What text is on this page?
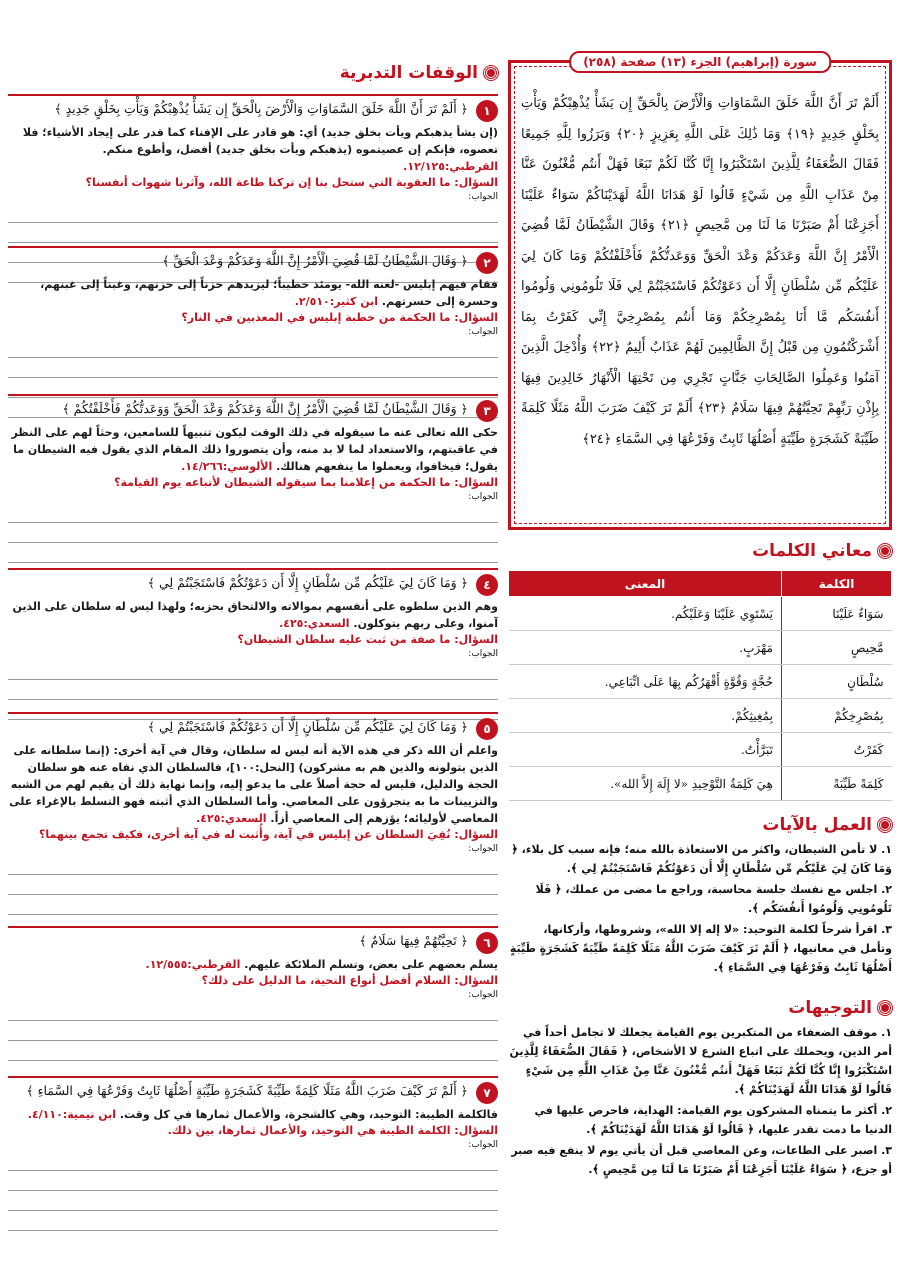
الوقفات التدبرية
١
﴿ أَلَمْ تَرَ أَنَّ اللَّهَ خَلَقَ السَّمَاوَاتِ وَالْأَرْضَ بِالْحَقِّ إِن يَشَأْ يُذْهِبْكُمْ وَيَأْتِ بِخَلْقٍ جَدِيدٍ ﴾
(إن يشأ يذهبكم ويأت بخلق جديد) أي: هو قادر على الإفناء كما قدر على إيجاد الأشياء؛ فلا تعصوه، فإنكم إن عصيتموه (يذهبكم ويأت بخلق جديد) أفضل، وأطوع منكم. القرطبي:١٢/١٢٥.
السؤال: ما العقوبة التي ستحل بنا إن تركنا طاعة الله، وآثرنا شهوات أنفسنا؟
الجواب:
٢
﴿ وَقَالَ الشَّيْطَانُ لَمَّا قُضِيَ الْأَمْرُ إِنَّ اللَّهَ وَعَدَكُمْ وَعْدَ الْحَقِّ ﴾
فقام فيهم إبليس -لعنه الله- يومئذ خطيباً؛ ليزيدهم حزناً إلى حزنهم، وغبناً إلى غبنهم، وحسرة إلى حسرتهم. ابن كثير:٢/٥١٠.
السؤال: ما الحكمة من خطبة إبليس في المعذبين في النار؟
الجواب:
٣
﴿ وَقَالَ الشَّيْطَانُ لَمَّا قُضِيَ الْأَمْرُ إِنَّ اللَّهَ وَعَدَكُمْ وَعْدَ الْحَقِّ وَوَعَدتُّكُمْ فَأَخْلَفْتُكُمْ ﴾
حكى الله تعالى عنه ما سيقوله في ذلك الوقت ليكون تنبيهاً للسامعين، وحثاً لهم على النظر في عاقبتهم، والاستعداد لما لا بد منه، وأن يتصوروا ذلك المقام الذي يقول فيه الشيطان ما يقول؛ فيخافوا، ويعملوا ما ينفعهم هنالك. الألوسي:١٤/٢٦٦.
السؤال: ما الحكمة من إعلامنا بما سيقوله الشيطان لأتباعه يوم القيامة؟
الجواب:
٤
﴿ وَمَا كَانَ لِيَ عَلَيْكُم مِّن سُلْطَانٍ إِلَّا أَن دَعَوْتُكُمْ فَاسْتَجَبْتُمْ لِي ﴾
وهم الذين سلطوه على أنفسهم بموالاته والالتحاق بحزبه؛ ولهذا ليس له سلطان على الذين آمنوا، وعلى ربهم يتوكلون. السعدي:٤٢٥.
السؤال: ما صفة من ثبت عليه سلطان الشيطان؟
الجواب:
٥
﴿ وَمَا كَانَ لِيَ عَلَيْكُم مِّن سُلْطَانٍ إِلَّا أَن دَعَوْتُكُمْ فَاسْتَجَبْتُمْ لِي ﴾
واعلم أن الله ذكر في هذه الآية أنه ليس له سلطان، وقال في آية أخرى: (إنما سلطانه على الذين يتولونه والذين هم به مشركون) [النحل:١٠٠]، فالسلطان الذي نفاه عنه هو سلطان الحجة والدليل، فليس له حجة أصلاً على ما يدعو إليه، وإنما نهاية ذلك أن يقيم لهم من الشبه والتزيينات ما به يتجرؤون على المعاصي. وأما السلطان الذي أثبته فهو التسلط بالإغراء على المعاصي لأوليائه؛ يؤزهم إلى المعاصي أزاً. السعدي:٤٢٥.
السؤال: نُفِيَ السلطان عن إبليس في آية، وأُثبت له في آية أخرى، فكيف تجمع بينهما؟
الجواب:
٦
﴿ تَحِيَّتُهُمْ فِيهَا سَلَامٌ ﴾
يسلم بعضهم على بعض، وتسلم الملائكة عليهم. القرطبي:١٢/٥٥٥.
السؤال: السلام أفضل أنواع التحية، ما الدليل على ذلك؟
الجواب:
٧
﴿ أَلَمْ تَرَ كَيْفَ ضَرَبَ اللَّهُ مَثَلًا كَلِمَةً طَيِّبَةً كَشَجَرَةٍ طَيِّبَةٍ أَصْلُهَا ثَابِتٌ وَفَرْعُهَا فِي السَّمَاءِ ﴾
فالكلمة الطيبة: التوحيد، وهي كالشجرة، والأعمال ثمارها في كل وقت. ابن تيمية:٤/١١٠.
السؤال: الكلمة الطيبة هي التوحيد، والأعمال ثمارها، بين ذلك.
الجواب:
سورة (إبراهيم) الجزء (١٣) صفحة (٢٥٨)
أَلَمْ تَرَ أَنَّ اللَّهَ خَلَقَ السَّمَاوَاتِ وَالْأَرْضَ بِالْحَقِّ إِن يَشَأْ يُذْهِبْكُمْ وَيَأْتِ بِخَلْقٍ جَدِيدٍ ﴿١٩﴾ وَمَا ذَٰلِكَ عَلَى اللَّهِ بِعَزِيزٍ ﴿٢٠﴾ وَبَرَزُوا لِلَّهِ جَمِيعًا فَقَالَ الضُّعَفَاءُ لِلَّذِينَ اسْتَكْبَرُوا إِنَّا كُنَّا لَكُمْ تَبَعًا فَهَلْ أَنتُم مُّغْنُونَ عَنَّا مِنْ عَذَابِ اللَّهِ مِن شَيْءٍ قَالُوا لَوْ هَدَانَا اللَّهُ لَهَدَيْنَاكُمْ سَوَاءٌ عَلَيْنَا أَجَزِعْنَا أَمْ صَبَرْنَا مَا لَنَا مِن مَّحِيصٍ ﴿٢١﴾ وَقَالَ الشَّيْطَانُ لَمَّا قُضِيَ الْأَمْرُ إِنَّ اللَّهَ وَعَدَكُمْ وَعْدَ الْحَقِّ وَوَعَدتُّكُمْ فَأَخْلَفْتُكُمْ وَمَا كَانَ لِيَ عَلَيْكُم مِّن سُلْطَانٍ إِلَّا أَن دَعَوْتُكُمْ فَاسْتَجَبْتُمْ لِي فَلَا تَلُومُونِي وَلُومُوا أَنفُسَكُم مَّا أَنَا بِمُصْرِخِكُمْ وَمَا أَنتُم بِمُصْرِخِيَّ إِنِّي كَفَرْتُ بِمَا أَشْرَكْتُمُونِ مِن قَبْلُ إِنَّ الظَّالِمِينَ لَهُمْ عَذَابٌ أَلِيمٌ ﴿٢٢﴾ وَأُدْخِلَ الَّذِينَ آمَنُوا وَعَمِلُوا الصَّالِحَاتِ جَنَّاتٍ تَجْرِي مِن تَحْتِهَا الْأَنْهَارُ خَالِدِينَ فِيهَا بِإِذْنِ رَبِّهِمْ تَحِيَّتُهُمْ فِيهَا سَلَامٌ ﴿٢٣﴾ أَلَمْ تَرَ كَيْفَ ضَرَبَ اللَّهُ مَثَلًا كَلِمَةً طَيِّبَةً كَشَجَرَةٍ طَيِّبَةٍ أَصْلُهَا ثَابِتٌ وَفَرْعُهَا فِي السَّمَاءِ ﴿٢٤﴾
معاني الكلمات
الكلمة	المعنى
سَوَاءٌ عَلَيْنَا	يَسْتَوِي عَلَيْنَا وَعَلَيْكُم.
مَّحِيصٍ	مَهْرَبٍ.
سُلْطَانٍ	حُجَّةٍ وَقُوَّةٍ أَقْهَرُكُم بِهَا عَلَى اتِّبَاعِي.
بِمُصْرِخِكُمْ	بِمُغِيثِكُمْ.
كَفَرْتُ	تَبَرَّأْتُ.
كَلِمَةً طَيِّبَةً	هِيَ كَلِمَةُ التَّوْحِيدِ «لا إِلَهَ إِلاَّ الله».
العمل بالآيات

١. لا تأمن الشيطان، واكثر من الاستعاذة بالله منه؛ فإنه سبب كل بلاء، ﴿ وَمَا كَانَ لِيَ عَلَيْكُم مِّن سُلْطَانٍ إِلَّا أَن دَعَوْتُكُمْ فَاسْتَجَبْتُمْ لِي ﴾.

٢. اجلس مع نفسك جلسة محاسبة، وراجع ما مضى من عملك، ﴿ فَلَا تَلُومُونِي وَلُومُوا أَنفُسَكُم ﴾.

٣. اقرأ شرحاً لكلمة التوحيد: «لا إله إلا الله»، وشروطها، وأركانها، وتأمل في معانيها، ﴿ أَلَمْ تَرَ كَيْفَ ضَرَبَ اللَّهُ مَثَلًا كَلِمَةً طَيِّبَةً كَشَجَرَةٍ طَيِّبَةٍ أَصْلُهَا ثَابِتٌ وَفَرْعُهَا فِي السَّمَاءِ ﴾.

التوجيهات

١. موقف الضعفاء من المتكبرين يوم القيامة يجعلك لا تجامل أحداً في أمر الدين، ويحملك على اتباع الشرع لا الأشخاص، ﴿ فَقَالَ الضُّعَفَاءُ لِلَّذِينَ اسْتَكْبَرُوا إِنَّا كُنَّا لَكُمْ تَبَعًا فَهَلْ أَنتُم مُّغْنُونَ عَنَّا مِنْ عَذَابِ اللَّهِ مِن شَيْءٍ قَالُوا لَوْ هَدَانَا اللَّهُ لَهَدَيْنَاكُمْ ﴾.

٢. أكثر ما يتمناه المشركون يوم القيامة: الهداية، فاحرص عليها في الدنيا ما دمت تقدر عليها، ﴿ قَالُوا لَوْ هَدَانَا اللَّهُ لَهَدَيْنَاكُمْ ﴾.

٣. اصبر على الطاعات، وعن المعاصي قبل أن يأتي يوم لا ينفع فيه صبر أو جزع، ﴿ سَوَاءٌ عَلَيْنَا أَجَزِعْنَا أَمْ صَبَرْنَا مَا لَنَا مِن مَّحِيصٍ ﴾.
